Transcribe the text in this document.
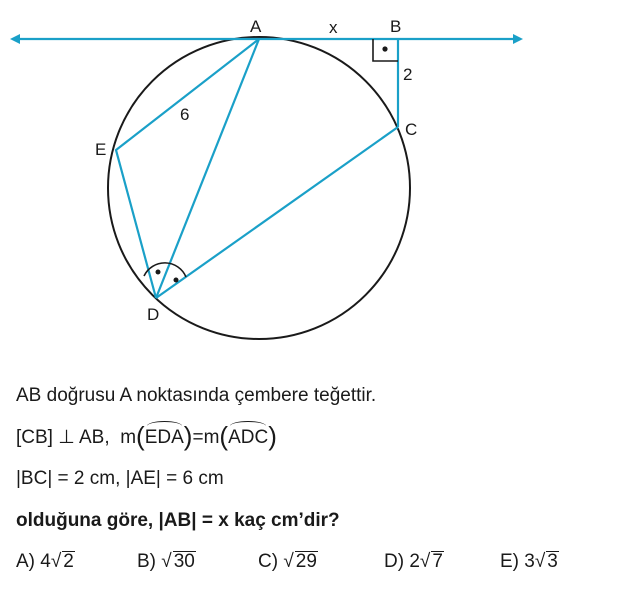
A	B
C
D
E
x
2
6
AB doğrusu A noktasında çembere teğettir.
[CB] ⊥ AB, m(EDA)=m(ADC)
|BC| = 2 cm, |AE| = 6 cm
olduğuna göre, |AB| = x kaç cm’dir?
A) 4√ 2	B) √ 30	C) √ 29	D) 2√ 7	E) 3√ 3
